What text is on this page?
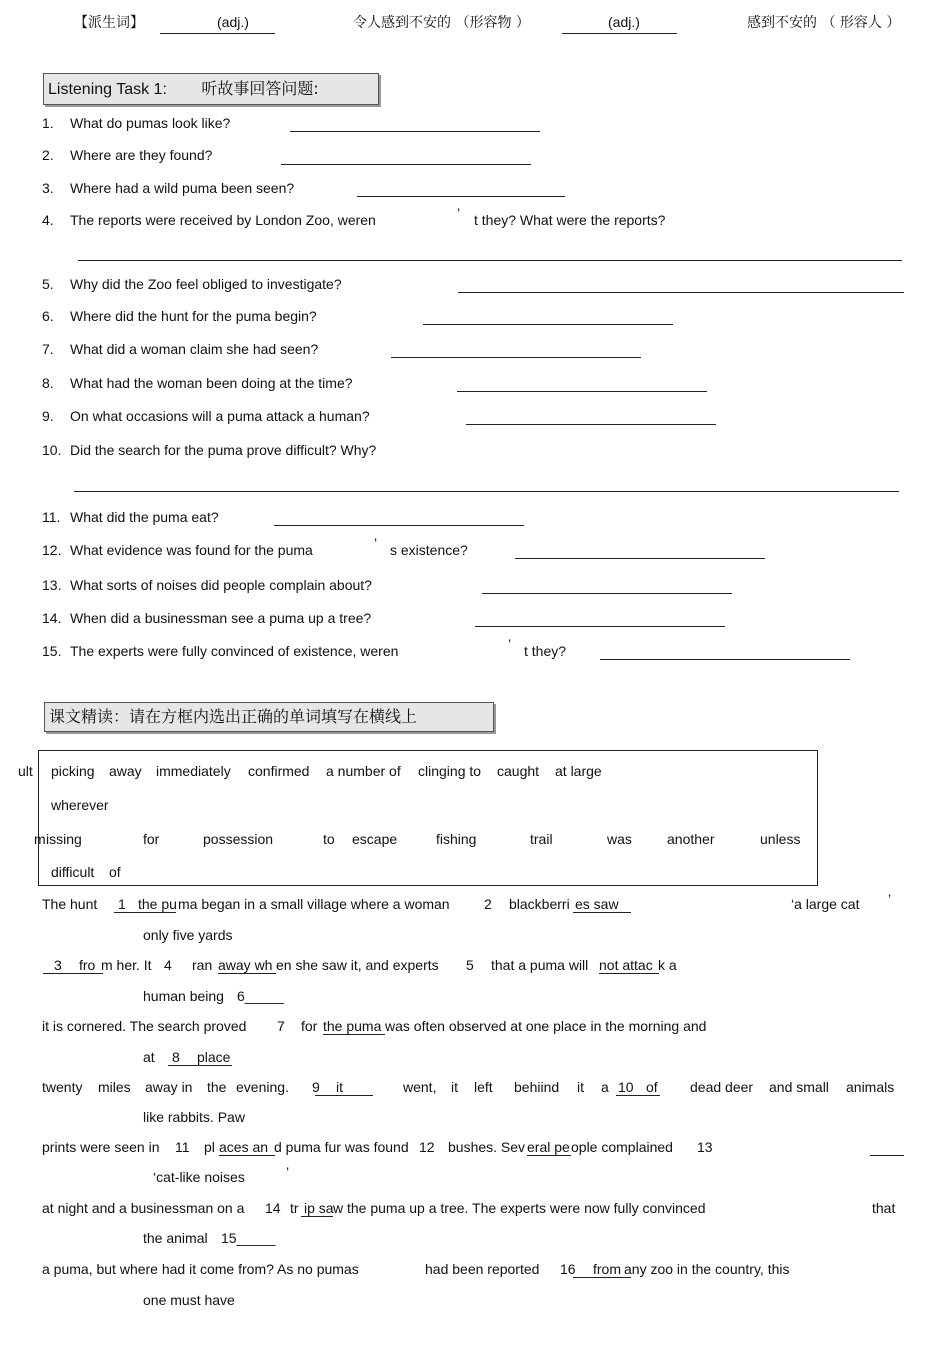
【派生词】	(adj.)	令人感到不安的 （形容物 ）	(adj.)	感到不安的 （ 形容人 ）
Listening Task 1: 听故事回答问题:
1. What do pumas look like?
2. Where are they found?
3. Where had a wild puma been seen?
4. The reports were received by London Zoo, weren	’ t they? What were the reports?
5. Why did the Zoo feel obliged to investigate?
6. Where did the hunt for the puma begin?
7. What did a woman claim she had seen?
8. What had the woman been doing at the time?
9. On what occasions will a puma attack a human?
10. Did the search for the puma prove difficult? Why?
11. What did the puma eat?
12. What evidence was found for the puma	’ s existence?
13. What sorts of noises did people complain about?
14. When did a businessman see a puma up a tree?
15. The experts were fully convinced of existence, weren	’ t they?
课文精读：请在方框内选出正确的单词填写在横线上
ult picking away immediately confirmed a number of clinging to caught at large
wherever
m issing	for	possession	to escape	fishing	trail	was	another	unless
difficult of
The hunt 1 the pu ma began in a small village where a woman 2 blackberri es saw	‘a large cat ’
only five yards
3 fro m her. It 4 ran away wh en she saw it, and experts 5 that a puma will not attac k a
human being 6_____
it is cornered. The search proved 7 for the puma was often observed at one place in the morning and
at 8 place
twenty miles away in the evening. 9 it	went, it left behiind it a 10 of dead deer and small animals
like rabbits. Paw
prints were seen in 11 pl aces an d puma fur was found 12 bushes. Sev eral pe ople complained 13
‘cat-like noises	’
at night and a businessman on a 14 tr ip sa w the puma up a tree. The experts were now fully convinced	that
the animal 15_____
a puma, but where had it come from? As no pumas	had been reported 16 from any zoo in the country, this
one must have
